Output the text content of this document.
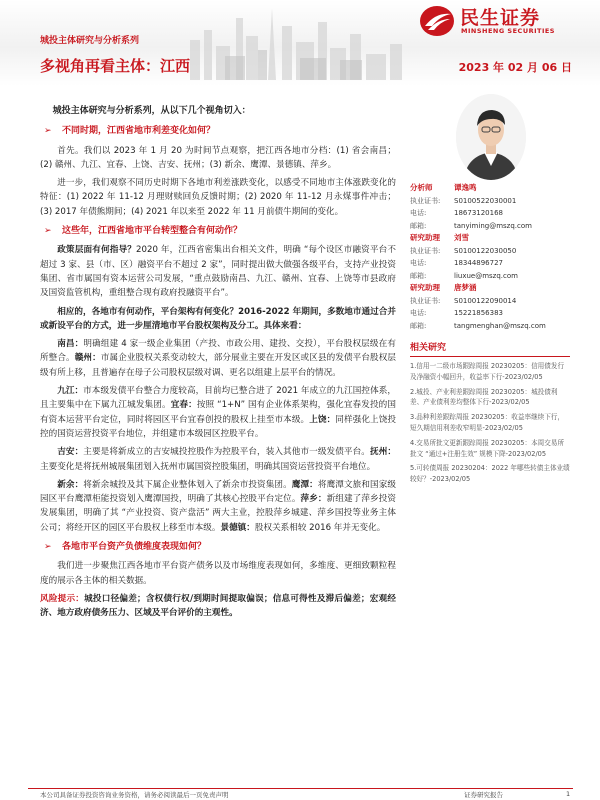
城投主体研究与分析系列
多视角再看主体：江西	2023 年 02 月 06 日
民生证券
MINSHENG SECURITIES
城投主体研究与分析系列，从以下几个视角切入：
➢ 不同时期，江西省地市利差变化如何？

首先。我们以 2023 年 1 月 20 为时间节点观察，把江西各地市分档：(1) 省会南昌；(2) 赣州、九江、宜春、上饶、吉安、抚州；(3) 新余、鹰潭、景德镇、萍乡。

进一步，我们观察不同历史时期下各地市利差涨跌变化，以感受不同地市主体涨跌变化的特征：(1) 2022 年 11-12 月理财赎回负反馈时期；(2) 2020 年 11-12 月永煤事件冲击；(3) 2017 年债熊期间；(4) 2021 年以来至 2022 年 11 月前债牛期间的变化。

➢ 这些年，江西省地市平台转型整合有何动作？

政策层面有何指导？2020 年，江西省密集出台相关文件，明确 “每个设区市融资平台不超过 3 家、县（市、区）融资平台不超过 2 家”，同时提出做大做强各级平台，支持产业投资集团、省市属国有资本运营公司发展，“重点鼓励南昌、九江、赣州、宜春、上饶等市县政府及国资监管机构，重组整合现有政府投融资平台”。

相应的，各地市有何动作，平台架构有何变化？2016-2022 年期间，多数地市通过合并或新设平台的方式，进一步厘清地市平台股权架构及分工。具体来看：

南昌：明确组建 4 家一级企业集团（产投、市政公用、建投、交投），平台股权层级在有所整合。赣州：市属企业股权关系变动较大，部分展业主要在开发区或区县的发债平台股权层级有所上移，且普遍存在母子公司股权层级对调、更名以组建上层平台的情况。

九江：市本级发债平台整合力度较高，目前均已整合进了 2021 年成立的九江国控体系，且主要集中在下属九江城发集团。宜春：按照 “1+N” 国有企业体系架构，强化宜春发投的国有资本运营平台定位，同时将园区平台宜春创投的股权上挂至市本级。上饶：同样强化上饶投控的国资运营投资平台地位，并组建市本级园区控股平台。

吉安：主要是将新成立的吉安城投控股作为控股平台，装入其他市一级发债平台。抚州：主要变化是将抚州城展集团划入抚州市属国资控股集团，明确其国资运营投资平台地位。

新余：将新余城投及其下属企业整体划入了新余市投资集团。鹰潭：将鹰潭文旅和国家级园区平台鹰潭柜能投资划入鹰潭国投，明确了其核心控股平台定位。萍乡：新组建了萍乡投资发展集团，明确了其 “产业投资、资产盘活” 两大主业，控股萍乡城建、萍乡国投等业务主体公司；将经开区的园区平台股权上移至市本级。景德镇：股权关系相较 2016 年并无变化。

➢ 各地市平台资产负债维度表现如何？

我们进一步聚焦江西各地市平台资产债务以及市场维度表现如何，多维度、更细致颗粒程度的展示各主体的相关数据。

风险提示：城投口径偏差；含权债行权/到期时间提取偏误；信息可得性及滞后偏差；宏观经济、地方政府债务压力、区域及平台评价的主观性。

分析师	谭逸鸣
执业证书: S0100522030001
电话:	18673120168
邮箱:	tanyiming@mszq.com
研究助理 刘雪
执业证书: S0100122030050
电话:	18344896727
邮箱:	liuxue@mszq.com
研究助理 唐梦涵
执业证书: S0100122090014
电话:	15221856383
邮箱:	tangmenghan@mszq.com
相关研究
1.信用一二级市场跟踪周报 20230205：信用债发行及净融资小幅回升，收益率下行-2023/02/05
2.城投、产业利差跟踪周报 20230205：城投债利差、产业债利差均整体下行-2023/02/05
3.品种利差跟踪周报 20230205：收益率继续下行，短久期信用利差收窄明显-2023/02/05
4.交易所批文更新跟踪周报 20230205：本周交易所批文 “通过+注册生效” 规模下降-2023/02/05
5.可转债周报 20230204：2022 年哪些转债主体业绩较好？-2023/02/05
本公司具备证券投资咨询业务资格，请务必阅读最后一页免责声明	证券研究报告	1
